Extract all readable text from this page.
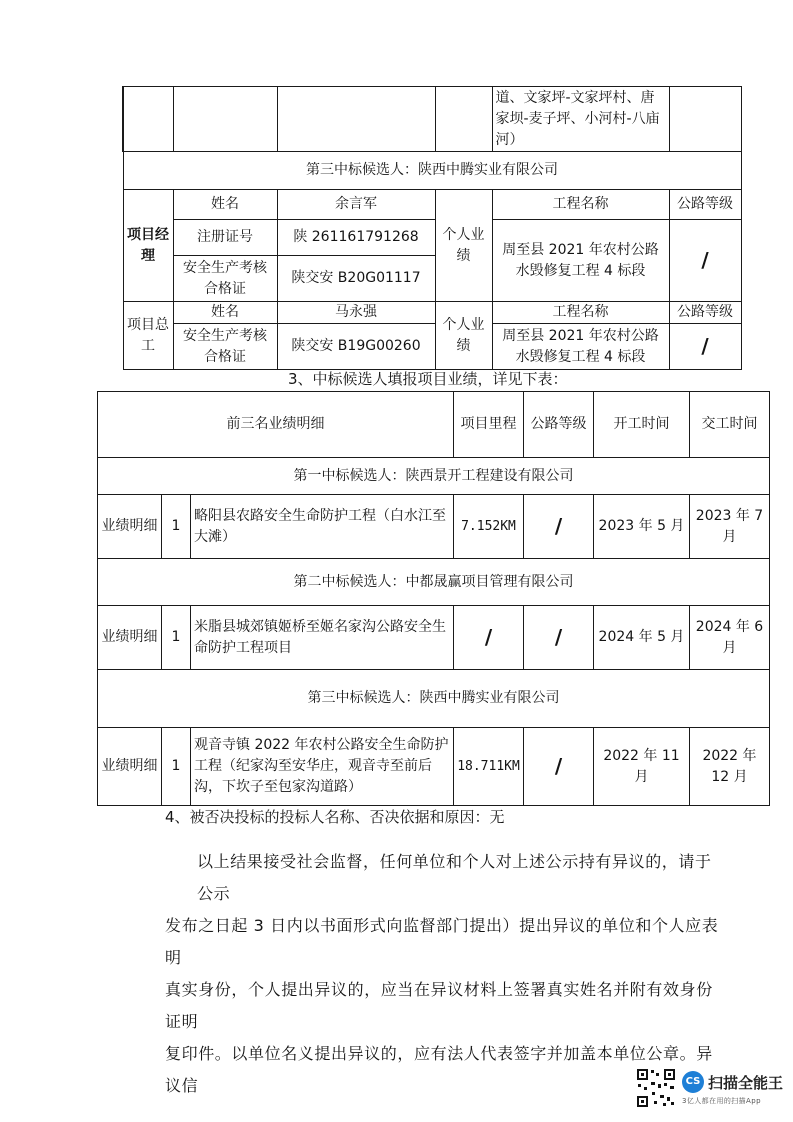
				道、文家坪-文家坪村、唐家坝-麦子坪、小河村-八庙河）	
第三中标候选人：陕西中腾实业有限公司					
项目经理	姓名	余言军	个人业绩	工程名称	公路等级
	注册证号	陕 261161791268		周至县 2021 年农村公路水毁修复工程 4 标段	/
	安全生产考核合格证	陕交安 B20G01117			
项目总工	姓名	马永强	个人业绩	工程名称	公路等级
	安全生产考核合格证	陕交安 B19G00260		周至县 2021 年农村公路水毁修复工程 4 标段	/
3、中标候选人填报项目业绩，详见下表：
前三名业绩明细			项目里程	公路等级	开工时间	交工时间
第一中标候选人：陕西景开工程建设有限公司						
业绩明细	1	略阳县农路安全生命防护工程（白水江至大滩）	7.152KM	/	2023 年 5 月	2023 年 7 月
第二中标候选人：中都晟赢项目管理有限公司						
业绩明细	1	米脂县城郊镇姬桥至姬名家沟公路安全生命防护工程项目	/	/	2024 年 5 月	2024 年 6 月
第三中标候选人：陕西中腾实业有限公司						
业绩明细	1	观音寺镇 2022 年农村公路安全生命防护工程（纪家沟至安华庄，观音寺至前后沟，下坎子至包家沟道路）	18.711KM	/	2022 年 11 月	2022 年 12 月
4、被否决投标的投标人名称、否决依据和原因：无
以上结果接受社会监督，任何单位和个人对上述公示持有异议的，请于公示
发布之日起 3 日内以书面形式向监督部门提出）提出异议的单位和个人应表明
真实身份，个人提出异议的，应当在异议材料上签署真实姓名并附有效身份证明
复印件。以单位名义提出异议的，应有法人代表签字并加盖本单位公章。异议信	CS 扫描全能王
3亿人都在用的扫描App
